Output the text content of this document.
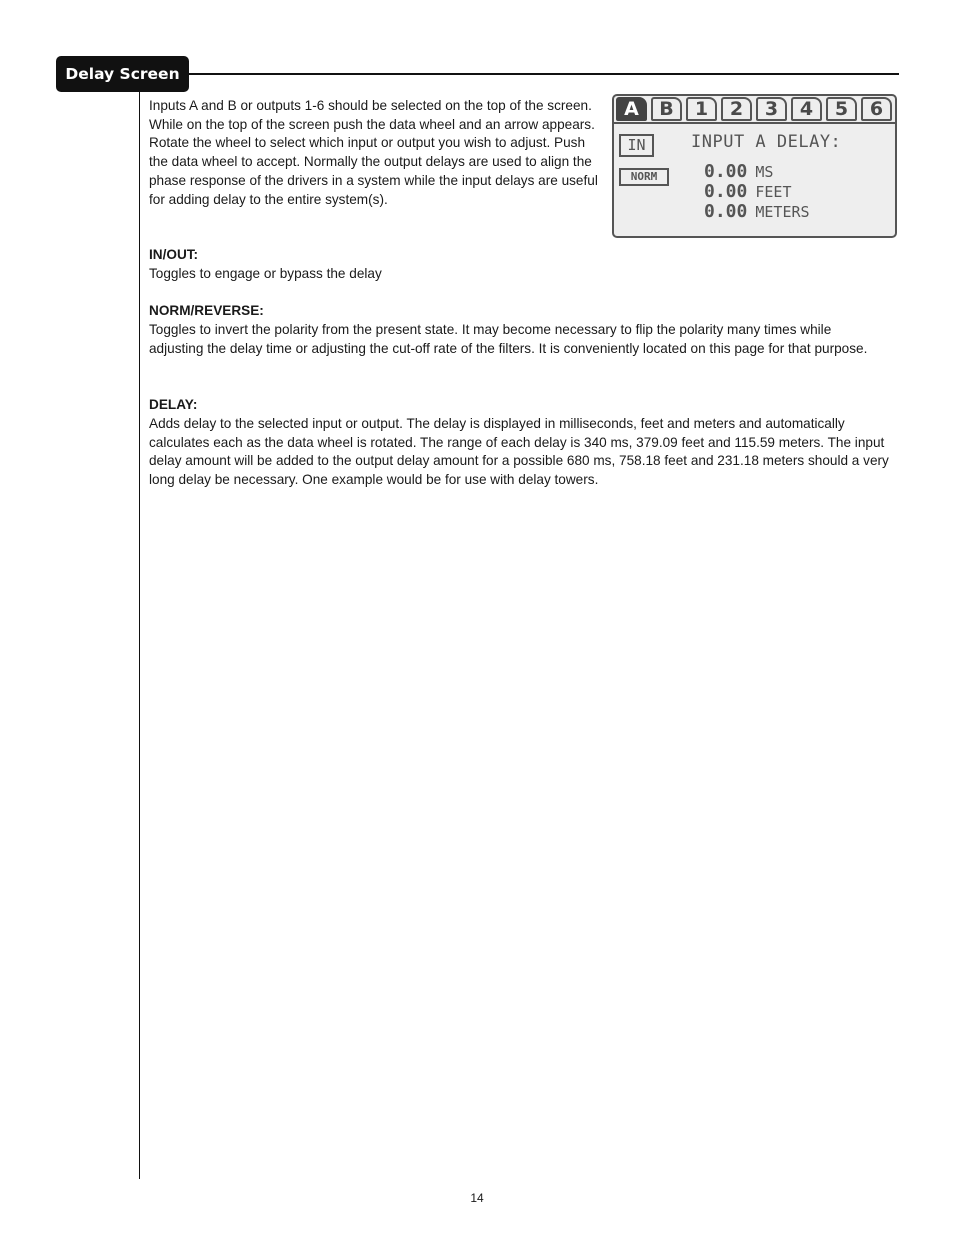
Delay Screen

Inputs A and B or outputs 1-6 should be selected on the top of the screen. While on the top of the screen push the data wheel and an arrow appears. Rotate the wheel to select which input or output you wish to adjust. Push the data wheel to accept. Normally the output delays are used to align the phase response of the drivers in a system while the input delays are useful for adding delay to the entire system(s).

IN/OUT:

Toggles to engage or bypass the delay

NORM/REVERSE:

Toggles to invert the polarity from the present state. It may become necessary to flip the polarity many times while adjusting the delay time or adjusting the cut-off rate of the filters. It is conveniently located on this page for that purpose.

DELAY:

Adds delay to the selected input or output. The delay is displayed in milliseconds, feet and meters and automatically calculates each as the data wheel is rotated. The range of each delay is 340 ms, 379.09 feet and 115.59 meters. The input delay amount will be added to the output delay amount for a possible 680 ms, 758.18 feet and 231.18 meters should a very long delay be necessary. One example would be for use with delay towers.

A	B	1	2	3	4	5	6
IN
NORM
INPUT A DELAY:
0.00 MS
0.00 FEET
0.00 METERS
14
